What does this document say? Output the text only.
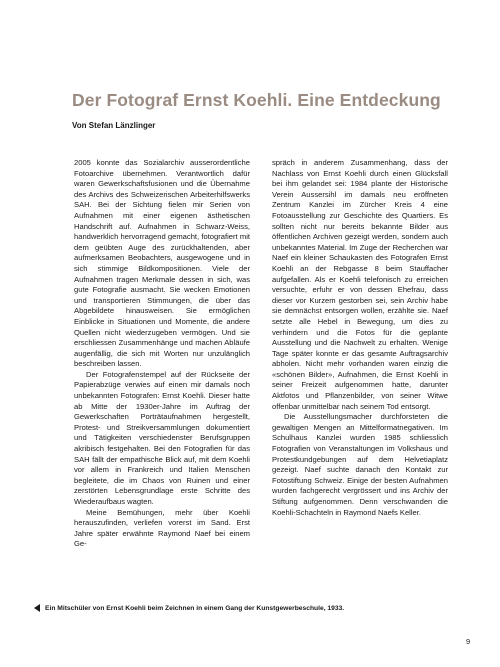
Der Fotograf Ernst Koehli. Eine Entdeckung

Von Stefan Länzlinger

2005 konnte das Sozialarchiv ausserordentliche Fotoarchive übernehmen. Verantwortlich dafür waren Gewerkschaftsfusionen und die Übernahme des Archivs des Schweizerischen Arbeiterhilfswerks SAH. Bei der Sichtung fielen mir Serien von Aufnahmen mit einer eigenen ästhetischen Handschrift auf. Aufnahmen in Schwarz-Weiss, handwerklich hervorragend gemacht, fotografiert mit dem geübten Auge des zurückhaltenden, aber aufmerksamen Beobachters, ausgewogene und in sich stimmige Bildkompositionen. Viele der Aufnahmen tragen Merkmale dessen in sich, was gute Fotografie ausmacht. Sie wecken Emotionen und transportieren Stimmungen, die über das Abgebildete hinausweisen. Sie ermöglichen Einblicke in Situationen und Momente, die andere Quellen nicht wiederzugeben vermögen. Und sie erschliessen Zusammenhänge und machen Abläufe augenfällig, die sich mit Worten nur unzulänglich beschreiben lassen.

Der Fotografenstempel auf der Rückseite der Papierabzüge verwies auf einen mir damals noch unbekannten Fotografen: Ernst Koehli. Dieser hatte ab Mitte der 1930er-Jahre im Auftrag der Gewerkschaften Porträtaufnahmen hergestellt, Protest- und Streikversammlungen dokumentiert und Tätigkeiten verschiedenster Berufsgruppen akribisch festgehalten. Bei den Fotografien für das SAH fällt der empathische Blick auf, mit dem Koehli vor allem in Frankreich und Italien Menschen begleitete, die im Chaos von Ruinen und einer zerstörten Lebensgrundlage erste Schritte des Wiederaufbaus wagten.

Meine Bemühungen, mehr über Koehli herauszufinden, verliefen vorerst im Sand. Erst Jahre später erwähnte Raymond Naef bei einem Ge-

spräch in anderem Zusammenhang, dass der Nachlass von Ernst Koehli durch einen Glücksfall bei ihm gelandet sei: 1984 plante der Historische Verein Aussersihl im damals neu eröffneten Zentrum Kanzlei im Zürcher Kreis 4 eine Fotoausstellung zur Geschichte des Quartiers. Es sollten nicht nur bereits bekannte Bilder aus öffentlichen Archiven gezeigt werden, sondern auch unbekanntes Material. Im Zuge der Recherchen war Naef ein kleiner Schaukasten des Fotografen Ernst Koehli an der Rebgasse 8 beim Stauffacher aufgefallen. Als er Koehli telefonisch zu erreichen versuchte, erfuhr er von dessen Ehefrau, dass dieser vor Kurzem gestorben sei, sein Archiv habe sie demnächst entsorgen wollen, erzählte sie. Naef setzte alle Hebel in Bewegung, um dies zu verhindern und die Fotos für die geplante Ausstellung und die Nachwelt zu erhalten. Wenige Tage später konnte er das gesamte Auftragsarchiv abholen. Nicht mehr vorhanden waren einzig die «schönen Bilder», Aufnahmen, die Ernst Koehli in seiner Freizeit aufgenommen hatte, darunter Aktfotos und Pflanzenbilder, von seiner Witwe offenbar unmittelbar nach seinem Tod entsorgt.

Die Ausstellungsmacher durchforsteten die gewaltigen Mengen an Mittelformatnegativen. Im Schulhaus Kanzlei wurden 1985 schliesslich Fotografien von Veranstaltungen im Volkshaus und Protestkundgebungen auf dem Helvetiaplatz gezeigt. Naef suchte danach den Kontakt zur Fotostiftung Schweiz. Einige der besten Aufnahmen wurden fachgerecht vergrössert und ins Archiv der Stiftung aufgenommen. Denn verschwanden die Koehli-Schachteln in Raymond Naefs Keller.

Ein Mitschüler von Ernst Koehli beim Zeichnen in einem Gang der Kunstgewerbeschule, 1933.
9
